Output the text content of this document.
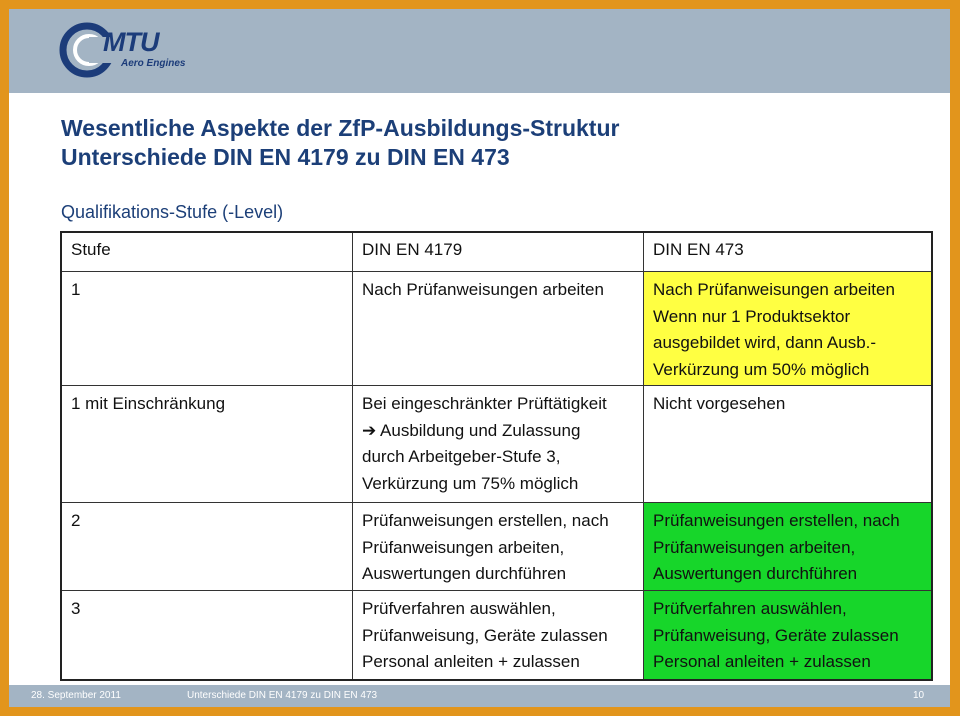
MTU
Aero Engines
Wesentliche Aspekte der ZfP-Ausbildungs-Struktur
Unterschiede DIN EN 4179 zu DIN EN 473
Qualifikations-Stufe (-Level)
Stufe	DIN EN 4179	DIN EN 473
1	Nach Prüfanweisungen arbeiten	Nach Prüfanweisungen arbeiten
Wenn nur 1 Produktsektor
ausgebildet wird, dann Ausb.-
Verkürzung um 50% möglich

1 mit Einschränkung	Bei eingeschränkter Prüftätigkeit
➔ Ausbildung und Zulassung
durch Arbeitgeber-Stufe 3,
Verkürzung um 75% möglich	Nicht vorgesehen

2	Prüfanweisungen erstellen, nach
Prüfanweisungen arbeiten,
Auswertungen durchführen	Prüfanweisungen erstellen, nach
Prüfanweisungen arbeiten,
Auswertungen durchführen

3	Prüfverfahren auswählen,
Prüfanweisung, Geräte zulassen
Personal anleiten + zulassen	Prüfverfahren auswählen,
Prüfanweisung, Geräte zulassen
Personal anleiten + zulassen
28. September 2011	Unterschiede DIN EN 4179 zu DIN EN 473	10
